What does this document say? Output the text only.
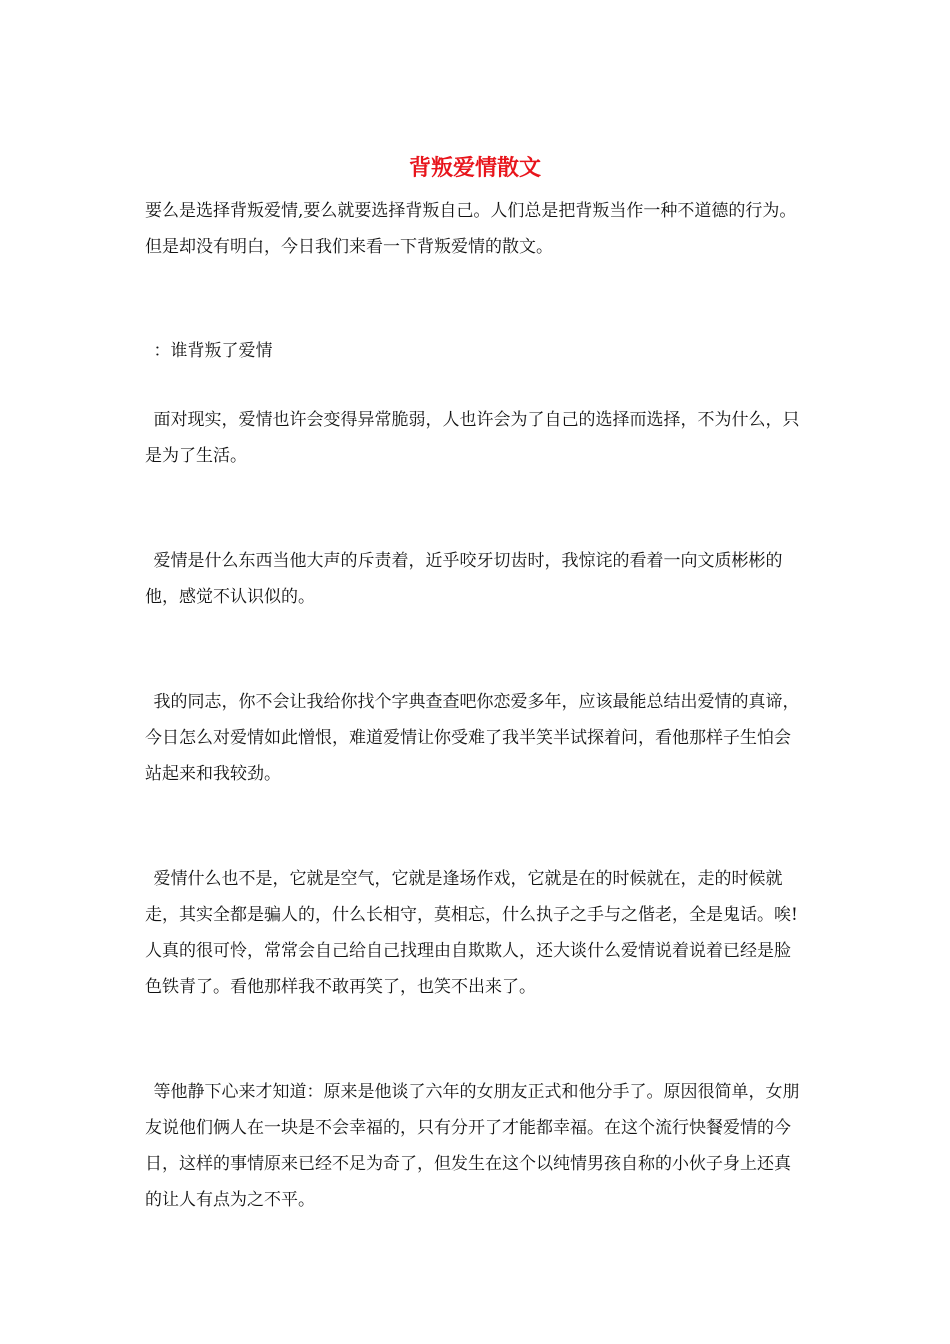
背叛爱情散文

要么是选择背叛爱情,要么就要选择背叛自己。人们总是把背叛当作一种不道德的行为。但是却没有明白，今日我们来看一下背叛爱情的散文。

：谁背叛了爱情

面对现实，爱情也许会变得异常脆弱，人也许会为了自己的选择而选择，不为什么，只是为了生活。

爱情是什么东西当他大声的斥责着，近乎咬牙切齿时，我惊诧的看着一向文质彬彬的他，感觉不认识似的。

我的同志，你不会让我给你找个字典查查吧你恋爱多年，应该最能总结出爱情的真谛，今日怎么对爱情如此憎恨，难道爱情让你受难了我半笑半试探着问，看他那样子生怕会站起来和我较劲。

爱情什么也不是，它就是空气，它就是逢场作戏，它就是在的时候就在，走的时候就走，其实全都是骗人的，什么长相守，莫相忘，什么执子之手与之偕老，全是鬼话。唉!人真的很可怜，常常会自己给自己找理由自欺欺人，还大谈什么爱情说着说着已经是脸色铁青了。看他那样我不敢再笑了，也笑不出来了。

等他静下心来才知道：原来是他谈了六年的女朋友正式和他分手了。原因很简单，女朋友说他们俩人在一块是不会幸福的，只有分开了才能都幸福。在这个流行快餐爱情的今日，这样的事情原来已经不足为奇了，但发生在这个以纯情男孩自称的小伙子身上还真的让人有点为之不平。
